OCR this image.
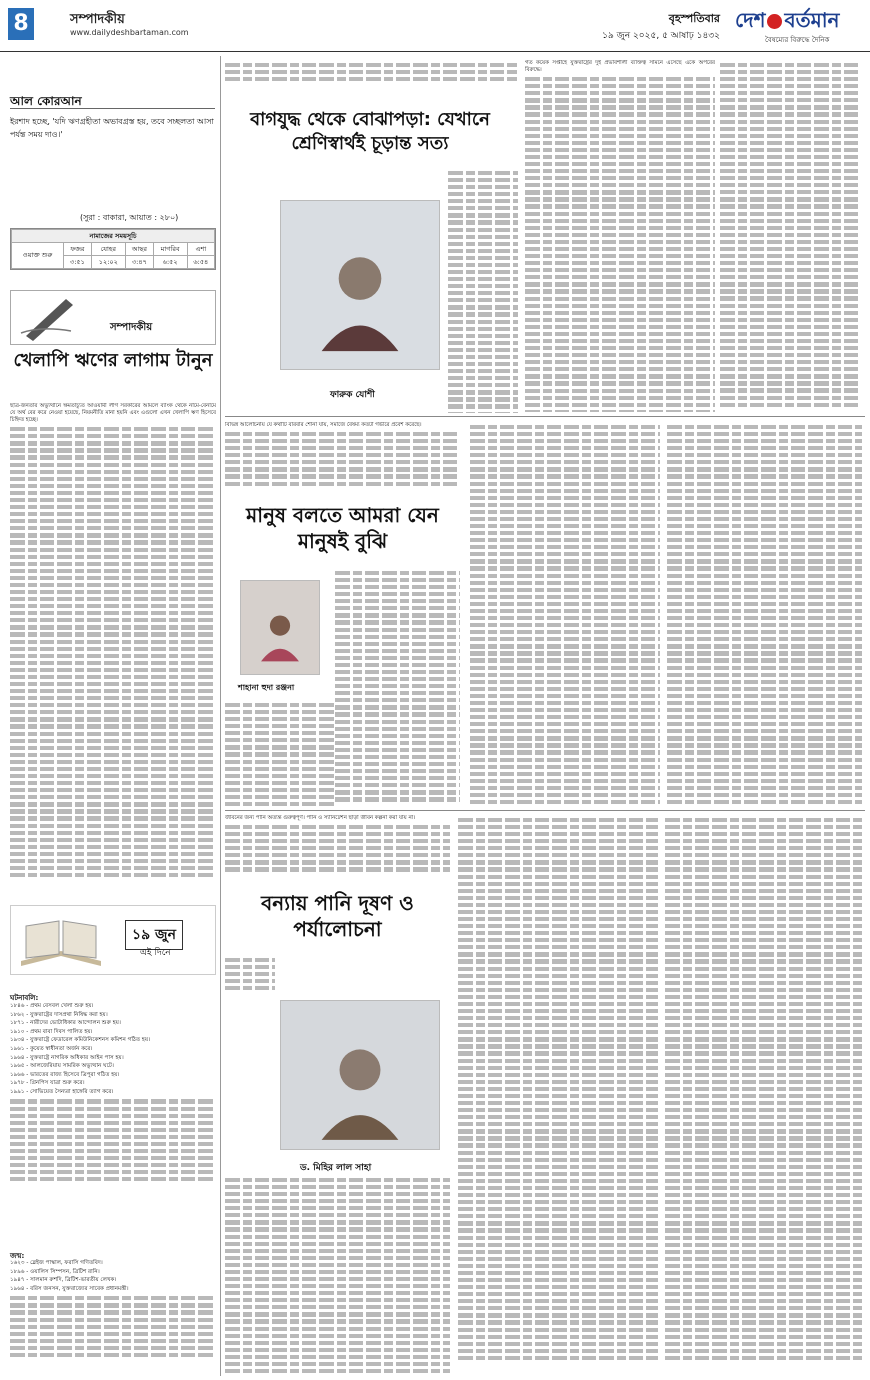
8	সম্পাদকীয়
www.dailydeshbartaman.com
বৃহস্পতিবার
১৯ জুন ২০২৫, ৫ আষাঢ় ১৪৩২
দেশ বর্তমান
বৈষম্যের বিরুদ্ধে দৈনিক
আল কোরআন
ইরশাদ হচ্ছে, 'যদি ঋণগ্রহীতা অভাবগ্রস্ত হয়, তবে সচ্ছলতা আসা পর্যন্ত সময় দাও।'
(সুরা : বাকারা, আয়াত : ২৮০)
নামাজের সময়সূচি					
ওয়াক্ত শুরু	ফজর	যোহর	আছর	মাগরিব	এশা
	৩:৫১	১২:০২	৩:৪৭	৬:৫২	৬:৫৪
সম্পাদকীয়
খেলাপি ঋণের লাগাম টানুন

ছাত্র-জনতার অভ্যুত্থানে ক্ষমতাচ্যুত আওয়ামী লীগ সরকারের আমলে ব্যাংক থেকে নামে-বেনামে যে অর্থ বের করে নেওয়া হয়েছে, নিয়মনীতি মানা হয়নি এবং এগুলো এখন খেলাপি ঋণ হিসেবে চিহ্নিত হচ্ছে।

১৯ জুন
এই দিনে
ঘটনাবলি:
১৮৪৬ - প্রথম বেসবল খেলা শুরু হয়।
১৮৬২ - যুক্তরাষ্ট্রের দাসপ্রথা নিষিদ্ধ করা হয়।
১৮৭১ - নারীদের ভোটাধিকার আন্দোলন শুরু হয়।
১৯১০ - প্রথম বাবা দিবস পালিত হয়।
১৯৩৪ - যুক্তরাষ্ট্রে ফেডারেল কমিউনিকেশনস কমিশন গঠিত হয়।
১৯৬১ - কুয়েত স্বাধীনতা অর্জন করে।
১৯৬৪ - যুক্তরাষ্ট্রে নাগরিক অধিকার আইন পাস হয়।
১৯৬৫ - আলজেরিয়ায় সামরিক অভ্যুত্থান ঘটে।
১৯৬৬ - ভারতের রাজ্য হিসেবে ত্রিপুরা গঠিত হয়।
১৯৭৮ - গ্রিনপিস যাত্রা শুরু করে।
১৯৯১ - সোভিয়েত সৈন্যরা হাঙ্গেরি ত্যাগ করে।
জন্ম:
১৬২৩ - ব্লেইজ পাস্কাল, ফরাসি গণিতবিদ।
১৮৯৬ - ওয়ালিস সিম্পসন, ব্রিটিশ রানি।
১৯৪৭ - সালমান রুশদি, ব্রিটিশ-ভারতীয় লেখক।
১৯৬৪ - বরিস জনসন, যুক্তরাজ্যের সাবেক প্রধানমন্ত্রী।
বাগযুদ্ধ থেকে বোঝাপড়া: যেখানে শ্রেণিস্বার্থই চূড়ান্ত সত্য
ফারুক যোশী

গত কয়েক সপ্তাহে যুক্তরাষ্ট্রের দুই প্রভাবশালী ব্যক্তিত্ব সামনে এসেছে একে অপরের বিরুদ্ধে।

বিভিন্ন আলোচনায় যে কথাটি বারবার শোনা যায়, সমাজে বৈষম্য কতটা গভীরে প্রবেশ করেছে।

মানুষ বলতে আমরা যেন মানুষই বুঝি
শাহানা হুদা রঞ্জনা

জীবনের জন্য পানি অত্যন্ত গুরুত্বপূর্ণ। পানি ও স্যানিটেশন ছাড়া জীবন কল্পনা করা যায় না।

বন্যায় পানি দূষণ ও পর্যালোচনা
ড. মিহির লাল সাহা
